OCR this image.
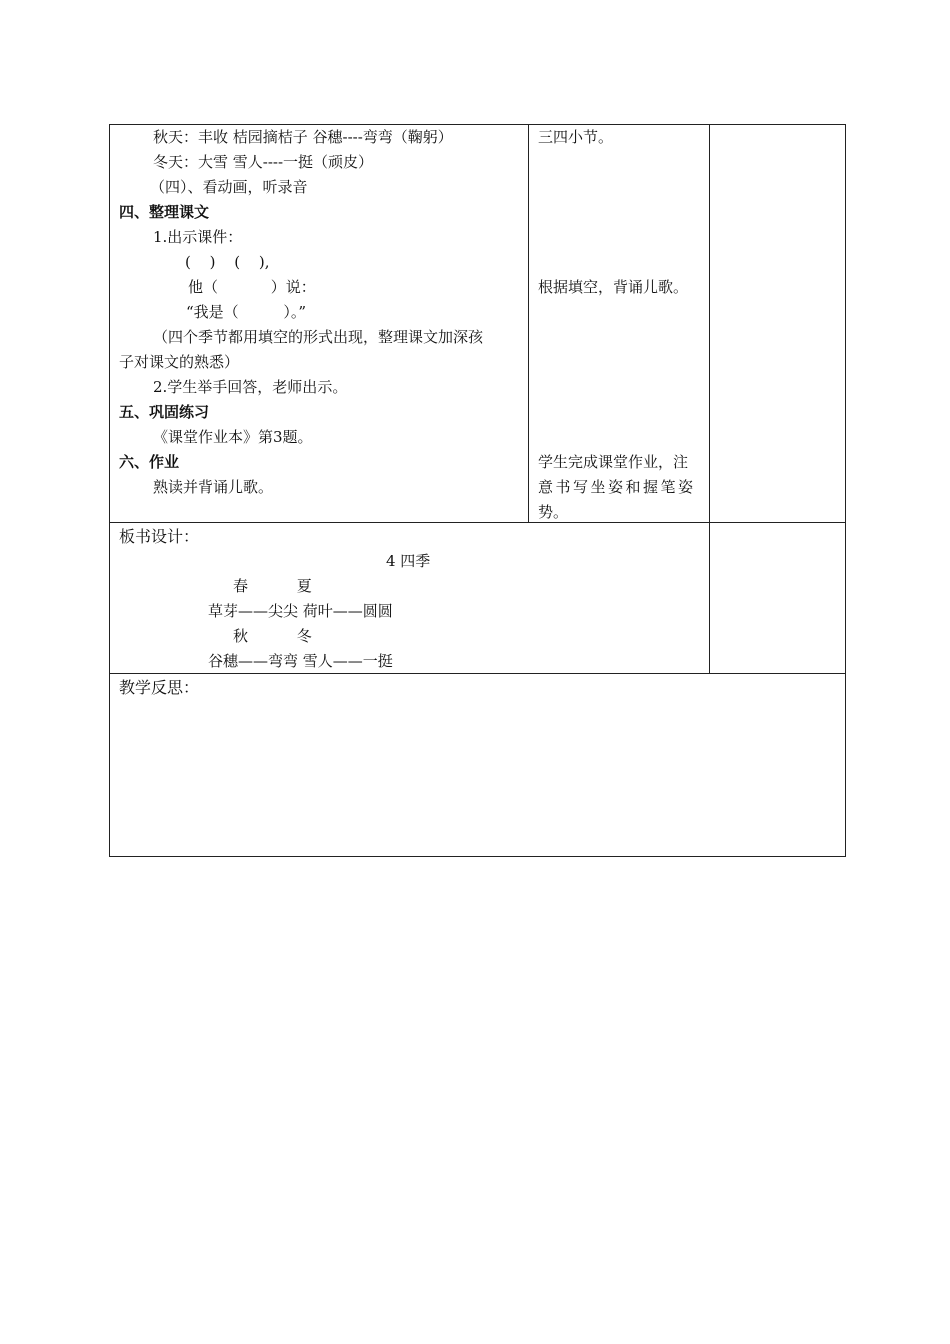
秋天：丰收 桔园摘桔子 谷穗----弯弯（鞠躬）
冬天：大雪 雪人----一挺（顽皮）
（四）、看动画，听录音
四、整理课文
1.出示课件：
( ) ( ),
他（ ）说：
“我是（ ）。”
（四个季节都用填空的形式出现，整理课文加深孩
子对课文的熟悉）
2.学生举手回答，老师出示。
五、巩固练习
《课堂作业本》第3题。
六、作业
熟读并背诵儿歌。
三四小节。
根据填空，背诵儿歌。
学生完成课堂作业，注
意书写坐姿和握笔姿
势。
板书设计：
4 四季
春 夏
草芽——尖尖 荷叶——圆圆
秋 冬
谷穗——弯弯 雪人——一挺
教学反思：
